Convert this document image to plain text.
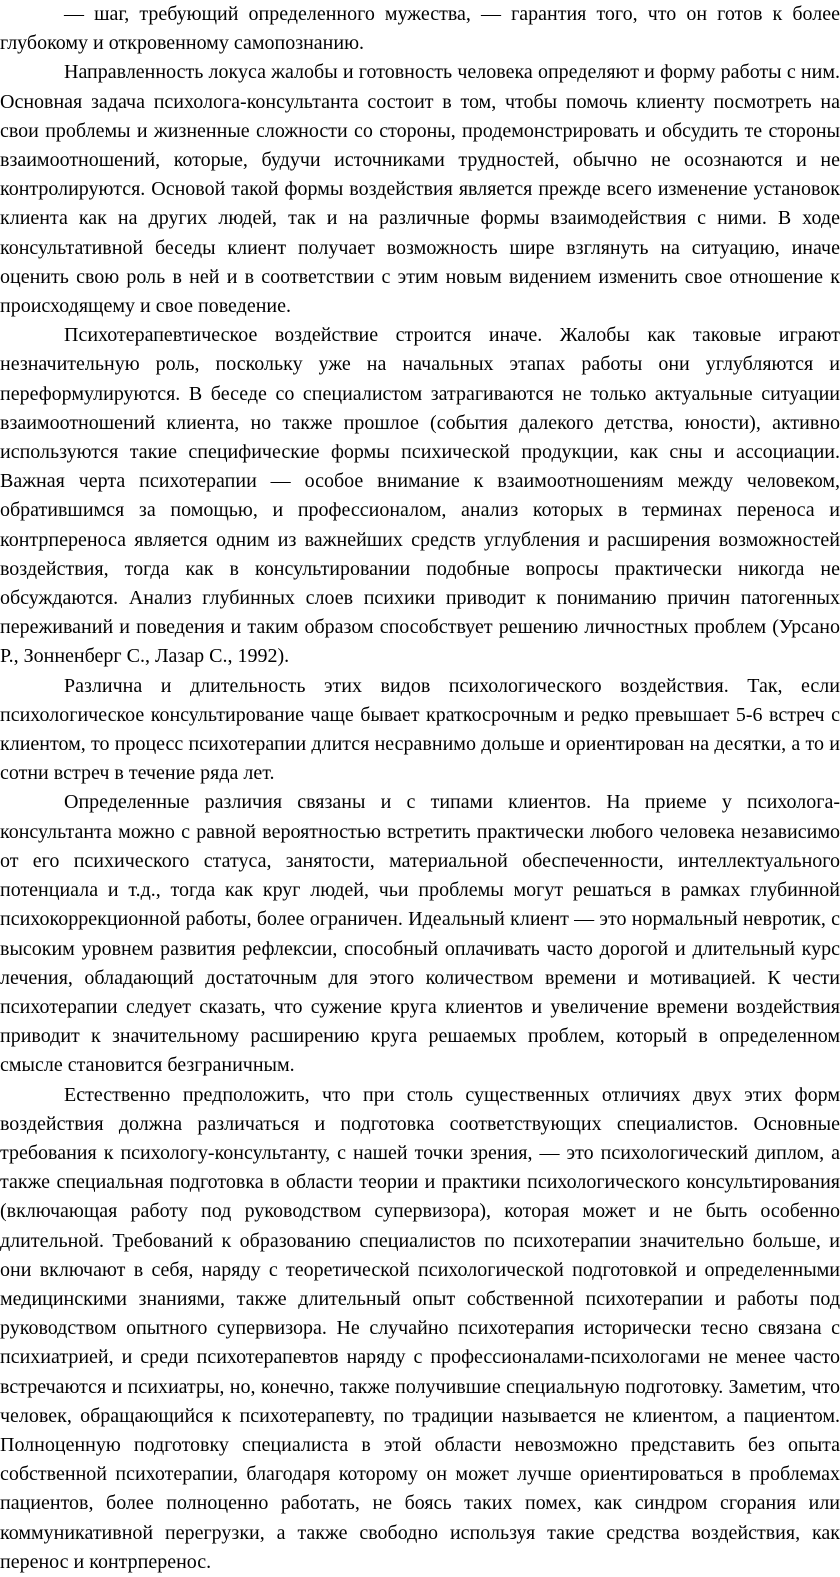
— шаг, требующий определенного мужества, — гарантия того, что он готов к более глубокому и откровенному самопознанию.

Направленность локуса жалобы и готовность человека определяют и форму работы с ним. Основная задача психолога-консультанта состоит в том, чтобы помочь клиенту посмотреть на свои проблемы и жизненные сложности со стороны, продемонстрировать и обсудить те стороны взаимоотношений, которые, будучи источниками трудностей, обычно не осознаются и не контролируются. Основой такой формы воздействия является прежде всего изменение установок клиента как на других людей, так и на различные формы взаимодействия с ними. В ходе консультативной беседы клиент получает возможность шире взглянуть на ситуацию, иначе оценить свою роль в ней и в соответствии с этим новым видением изменить свое отношение к происходящему и свое поведение.

Психотерапевтическое воздействие строится иначе. Жалобы как таковые играют незначительную роль, поскольку уже на начальных этапах работы они углубляются и переформулируются. В беседе со специалистом затрагиваются не только актуальные ситуации взаимоотношений клиента, но также прошлое (события далекого детства, юности), активно используются такие специфические формы психической продукции, как сны и ассоциации. Важная черта психотерапии — особое внимание к взаимоотношениям между человеком, обратившимся за помощью, и профессионалом, анализ которых в терминах переноса и контрпереноса является одним из важнейших средств углубления и расширения возможностей воздействия, тогда как в консультировании подобные вопросы практически никогда не обсуждаются. Анализ глубинных слоев психики приводит к пониманию причин патогенных переживаний и поведения и таким образом способствует решению личностных проблем (Урсано Р., Зонненберг С., Лазар С., 1992).

Различна и длительность этих видов психологического воздействия. Так, если психологическое консультирование чаще бывает краткосрочным и редко превышает 5-6 встреч с клиентом, то процесс психотерапии длится несравнимо дольше и ориентирован на десятки, а то и сотни встреч в течение ряда лет.

Определенные различия связаны и с типами клиентов. На приеме у психолога-консультанта можно с равной вероятностью встретить практически любого человека независимо от его психического статуса, занятости, материальной обеспеченности, интеллектуального потенциала и т.д., тогда как круг людей, чьи проблемы могут решаться в рамках глубинной психокоррекционной работы, более ограничен. Идеальный клиент — это нормальный невротик, с высоким уровнем развития рефлексии, способный оплачивать часто дорогой и длительный курс лечения, обладающий достаточным для этого количеством времени и мотивацией. К чести психотерапии следует сказать, что сужение круга клиентов и увеличение времени воздействия приводит к значительному расширению круга решаемых проблем, который в определенном смысле становится безграничным.

Естественно предположить, что при столь существенных отличиях двух этих форм воздействия должна различаться и подготовка соответствующих специалистов. Основные требования к психологу-консультанту, с нашей точки зрения, — это психологический диплом, а также специальная подготовка в области теории и практики психологического консультирования (включающая работу под руководством супервизора), которая может и не быть особенно длительной. Требований к образованию специалистов по психотерапии значительно больше, и они включают в себя, наряду с теоретической психологической подготовкой и определенными медицинскими знаниями, также длительный опыт собственной психотерапии и работы под руководством опытного супервизора. Не случайно психотерапия исторически тесно связана с психиатрией, и среди психотерапевтов наряду с профессионалами-психологами не менее часто встречаются и психиатры, но, конечно, также получившие специальную подготовку. Заметим, что человек, обращающийся к психотерапевту, по традиции называется не клиентом, а пациентом. Полноценную подготовку специалиста в этой области невозможно представить без опыта собственной психотерапии, благодаря которому он может лучше ориентироваться в проблемах пациентов, более полноценно работать, не боясь таких помех, как синдром сгорания или коммуникативной перегрузки, а также свободно используя такие средства воздействия, как перенос и контрперенос.
